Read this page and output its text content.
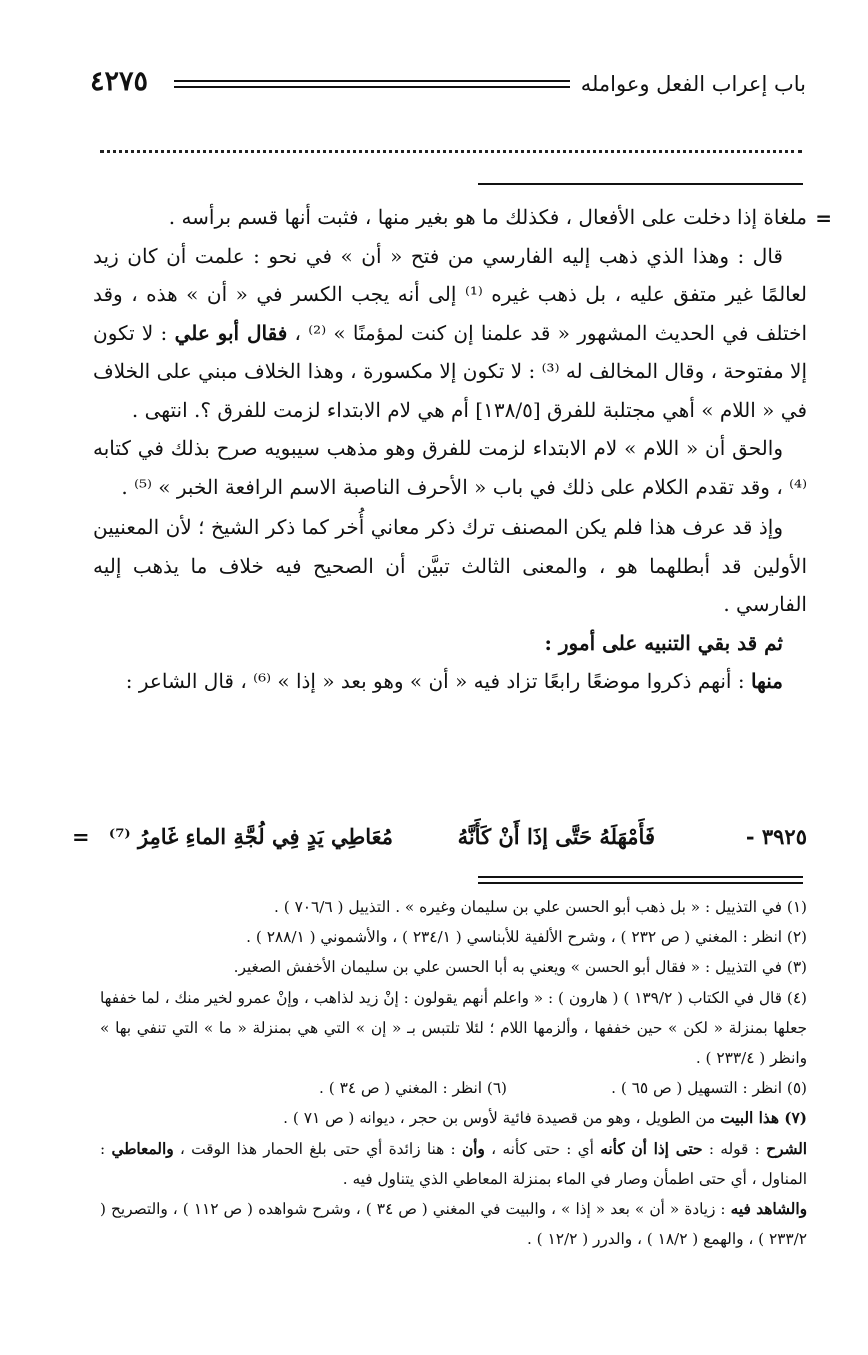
باب إعراب الفعل وعوامله
٤٢٧٥
=

ملغاة إذا دخلت على الأفعال ، فكذلك ما هو بغير منها ، فثبت أنها قسم برأسه .

قال : وهذا الذي ذهب إليه الفارسي من فتح « أن » في نحو : علمت أن كان زيد لعالمًا غير متفق عليه ، بل ذهب غيره ⁽¹⁾ إلى أنه يجب الكسر في « أن » هذه ، وقد اختلف في الحديث المشهور « قد علمنا إن كنت لمؤمنًا » ⁽²⁾ ، فقال أبو علي : لا تكون إلا مفتوحة ، وقال المخالف له ⁽³⁾ : لا تكون إلا مكسورة ، وهذا الخلاف مبني على الخلاف في « اللام » أهي مجتلبة للفرق [١٣٨/٥] أم هي لام الابتداء لزمت للفرق ؟. انتهى .

والحق أن « اللام » لام الابتداء لزمت للفرق وهو مذهب سيبويه صرح بذلك في كتابه ⁽⁴⁾ ، وقد تقدم الكلام على ذلك في باب « الأحرف الناصبة الاسم الرافعة الخبر » ⁽⁵⁾ .

وإذ قد عرف هذا فلم يكن المصنف ترك ذكر معاني أُخر كما ذكر الشيخ ؛ لأن المعنيين الأولين قد أبطلهما هو ، والمعنى الثالث تبيَّن أن الصحيح فيه خلاف ما يذهب إليه الفارسي .

ثم قد بقي التنبيه على أمور :

منها : أنهم ذكروا موضعًا رابعًا تزاد فيه « أن » وهو بعد « إذا » ⁽⁶⁾ ، قال الشاعر :

٣٩٢٥ -
فَأَمْهَلَهُ حَتَّى إذَا أَنْ كَأَنَّهُ
مُعَاطِي يَدٍ فِي لُجَّةِ الماءِ غَامِرُ ⁽⁷⁾
=

(١) في التذييل : « بل ذهب أبو الحسن علي بن سليمان وغيره » . التذييل ( ٧٠٦/٦ ) .

(٢) انظر : المغني ( ص ٢٣٢ ) ، وشرح الألفية للأبناسي ( ٢٣٤/١ ) ، والأشموني ( ٢٨٨/١ ) .

(٣) في التذييل : « فقال أبو الحسن » ويعني به أبا الحسن علي بن سليمان الأخفش الصغير.

(٤) قال في الكتاب ( ١٣٩/٢ ) ( هارون ) : « واعلم أنهم يقولون : إنْ زيد لذاهب ، وإنْ عمرو لخير منك ، لما خففها جعلها بمنزلة « لكن » حين خففها ، وألزمها اللام ؛ لئلا تلتبس بـ « إن » التي هي بمنزلة « ما » التي تنفي بها » وانظر ( ٢٣٣/٤ ) .

(٥) انظر : التسهيل ( ص ٦٥ ) .
(٦) انظر : المغني ( ص ٣٤ ) .

(٧) هذا البيت من الطويل ، وهو من قصيدة فائية لأوس بن حجر ، ديوانه ( ص ٧١ ) .

الشرح : قوله : حتى إذا أن كأنه أي : حتى كأنه ، وأن : هنا زائدة أي حتى بلغ الحمار هذا الوقت ، والمعاطي : المناول ، أي حتى اطمأن وصار في الماء بمنزلة المعاطي الذي يتناول فيه .

والشاهد فيه : زيادة « أن » بعد « إذا » ، والبيت في المغني ( ص ٣٤ ) ، وشرح شواهده ( ص ١١٢ ) ، والتصريح ( ٢٣٣/٢ ) ، والهمع ( ١٨/٢ ) ، والدرر ( ١٢/٢ ) .
